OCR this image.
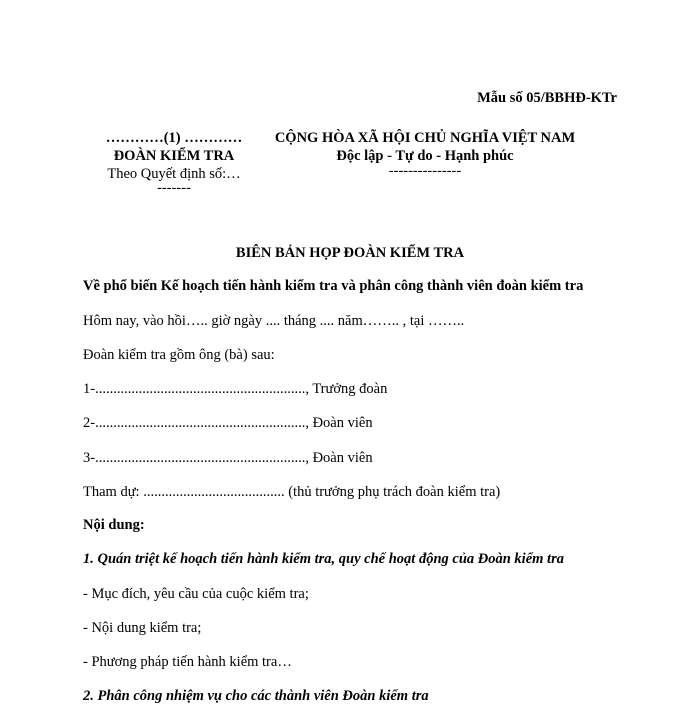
Mẫu số 05/BBHĐ-KTr
…………(1) …………
ĐOÀN KIỂM TRA
Theo Quyết định số:…
-------
CỘNG HÒA XÃ HỘI CHỦ NGHĨA VIỆT NAM
Độc lập - Tự do - Hạnh phúc
---------------
BIÊN BẢN HỌP ĐOÀN KIỂM TRA
Về phổ biến Kế hoạch tiến hành kiểm tra và phân công thành viên đoàn kiểm tra
Hôm nay, vào hồi….. giờ ngày .... tháng .... năm…….. , tại ……..
Đoàn kiểm tra gồm ông (bà) sau:
1-.........................................................., Trưởng đoàn
2-.........................................................., Đoàn viên
3-.........................................................., Đoàn viên
Tham dự: ....................................... (thủ trưởng phụ trách đoàn kiểm tra)
Nội dung:
1. Quán triệt kế hoạch tiến hành kiểm tra, quy chế hoạt động của Đoàn kiểm tra
- Mục đích, yêu cầu của cuộc kiểm tra;
- Nội dung kiểm tra;
- Phương pháp tiến hành kiểm tra…
2. Phân công nhiệm vụ cho các thành viên Đoàn kiểm tra
